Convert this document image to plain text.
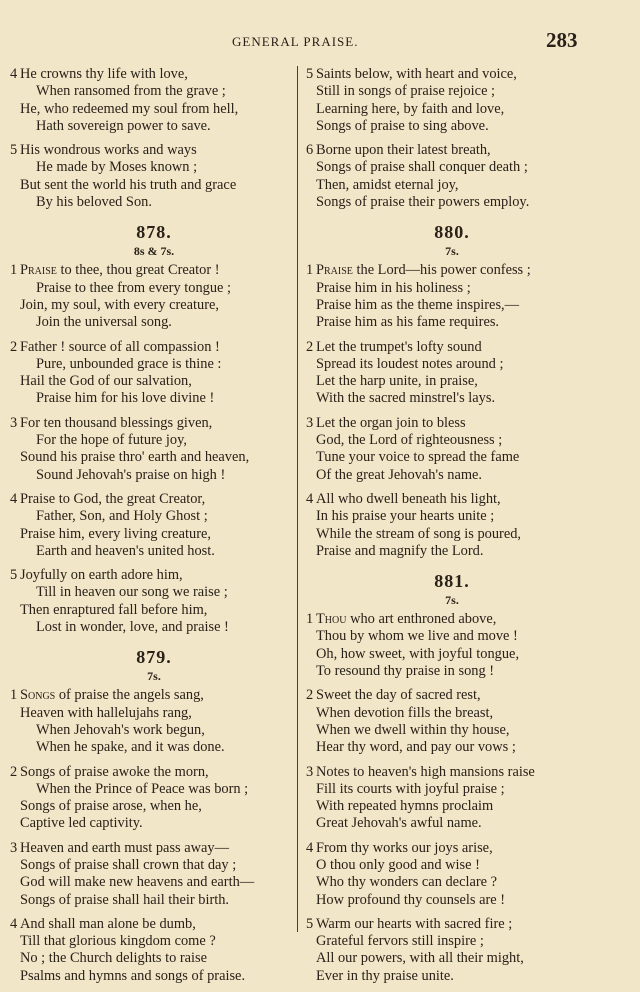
GENERAL PRAISE.	283
4 He crowns thy life with love,
When ransomed from the grave ;
He, who redeemed my soul from hell,
Hath sovereign power to save.
5 His wondrous works and ways
He made by Moses known ;
But sent the world his truth and grace
By his beloved Son.
878.
8s & 7s.
1 Praise to thee, thou great Creator !
Praise to thee from every tongue ;
Join, my soul, with every creature,
Join the universal song.
2 Father ! source of all compassion !
Pure, unbounded grace is thine :
Hail the God of our salvation,
Praise him for his love divine !
3 For ten thousand blessings given,
For the hope of future joy,
Sound his praise thro' earth and heaven,
Sound Jehovah's praise on high !
4 Praise to God, the great Creator,
Father, Son, and Holy Ghost ;
Praise him, every living creature,
Earth and heaven's united host.
5 Joyfully on earth adore him,
Till in heaven our song we raise ;
Then enraptured fall before him,
Lost in wonder, love, and praise !
879.
7s.
1 Songs of praise the angels sang,
Heaven with hallelujahs rang,
When Jehovah's work begun,
When he spake, and it was done.
2 Songs of praise awoke the morn,
When the Prince of Peace was born ;
Songs of praise arose, when he,
Captive led captivity.
3 Heaven and earth must pass away—
Songs of praise shall crown that day ;
God will make new heavens and earth—
Songs of praise shall hail their birth.
4 And shall man alone be dumb,
Till that glorious kingdom come ?
No ; the Church delights to raise
Psalms and hymns and songs of praise.
5 Saints below, with heart and voice,
Still in songs of praise rejoice ;
Learning here, by faith and love,
Songs of praise to sing above.
6 Borne upon their latest breath,
Songs of praise shall conquer death ;
Then, amidst eternal joy,
Songs of praise their powers employ.
880.
7s.
1 Praise the Lord—his power confess ;
Praise him in his holiness ;
Praise him as the theme inspires,—
Praise him as his fame requires.
2 Let the trumpet's lofty sound
Spread its loudest notes around ;
Let the harp unite, in praise,
With the sacred minstrel's lays.
3 Let the organ join to bless
God, the Lord of righteousness ;
Tune your voice to spread the fame
Of the great Jehovah's name.
4 All who dwell beneath his light,
In his praise your hearts unite ;
While the stream of song is poured,
Praise and magnify the Lord.
881.
7s.
1 Thou who art enthroned above,
Thou by whom we live and move !
Oh, how sweet, with joyful tongue,
To resound thy praise in song !
2 Sweet the day of sacred rest,
When devotion fills the breast,
When we dwell within thy house,
Hear thy word, and pay our vows ;
3 Notes to heaven's high mansions raise
Fill its courts with joyful praise ;
With repeated hymns proclaim
Great Jehovah's awful name.
4 From thy works our joys arise,
O thou only good and wise !
Who thy wonders can declare ?
How profound thy counsels are !
5 Warm our hearts with sacred fire ;
Grateful fervors still inspire ;
All our powers, with all their might,
Ever in thy praise unite.
